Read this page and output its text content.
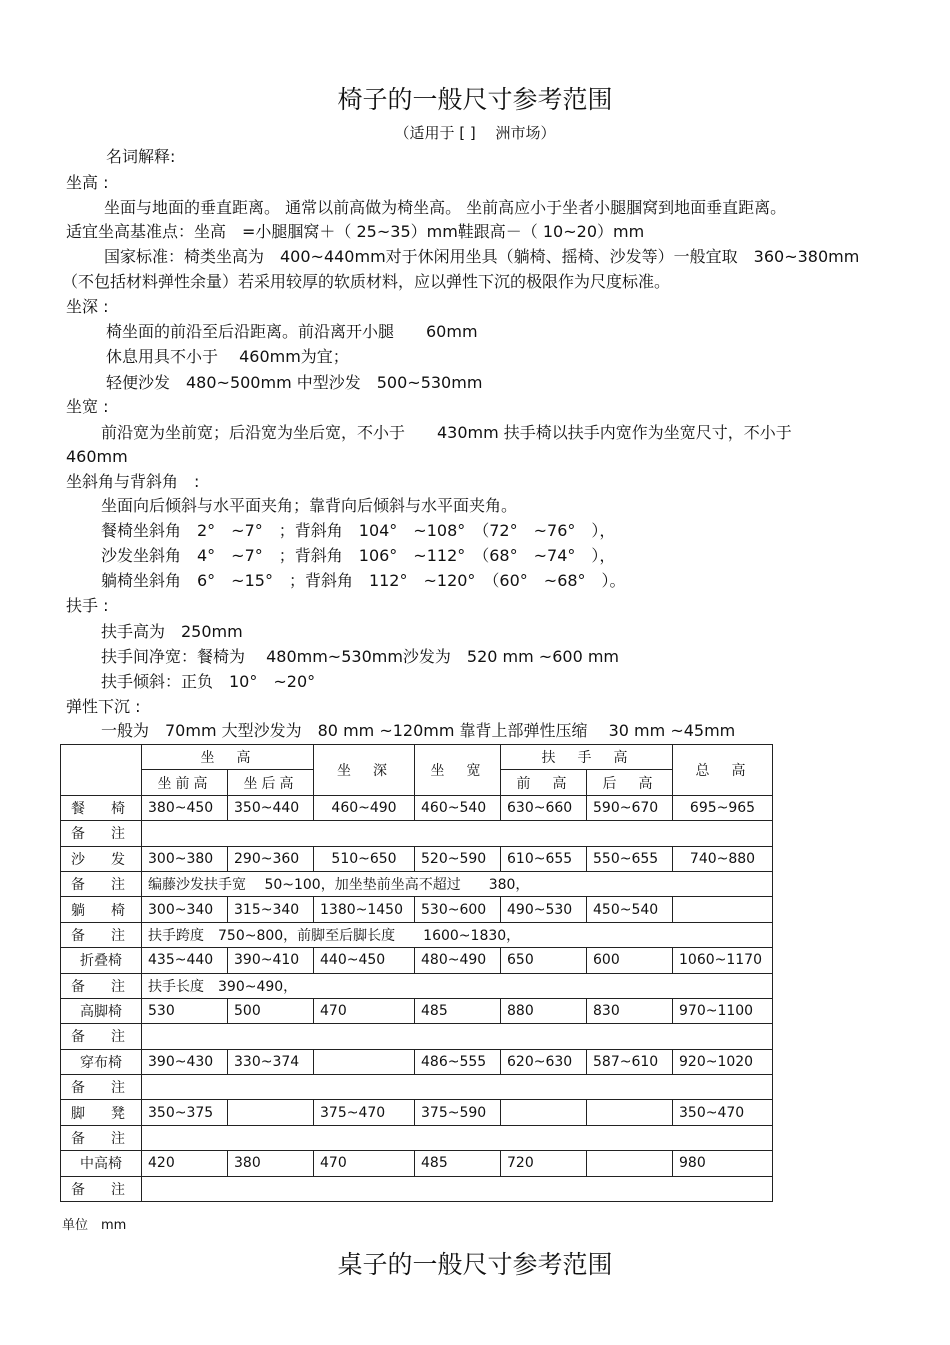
椅子的一般尺寸参考范围
（适用于 [ ]　 洲市场）
名词解释:
坐高 :
坐面与地面的垂直距离。 通常以前高做为椅坐高。 坐前高应小于坐者小腿腘窝到地面垂直距离。
适宜坐高基准点：坐高　=小腿腘窝＋（ 25~35）mm鞋跟高－（ 10~20）mm
国家标准：椅类坐高为　400~440mm对于休闲用坐具（躺椅、摇椅、沙发等）一般宜取　360~380mm
（不包括材料弹性余量）若采用较厚的软质材料，应以弹性下沉的极限作为尺度标准。
坐深 :
椅坐面的前沿至后沿距离。前沿离开小腿　　60mm
休息用具不小于　 460mm为宜；
轻便沙发　480~500mm 中型沙发　500~530mm
坐宽 :
前沿宽为坐前宽；后沿宽为坐后宽，不小于　　430mm 扶手椅以扶手内宽作为坐宽尺寸，不小于
460mm
坐斜角与背斜角　:
坐面向后倾斜与水平面夹角；靠背向后倾斜与水平面夹角。
餐椅坐斜角　2°　~7°　；背斜角　104°　~108°　（72°　~76°　），
沙发坐斜角　4°　~7°　；背斜角　106°　~112°　（68°　~74°　），
躺椅坐斜角　6°　~15°　；背斜角　112°　~120°　（60°　~68°　）。
扶手 :
扶手高为　250mm
扶手间净宽：餐椅为　 480mm~530mm沙发为　520 mm ~600 mm
扶手倾斜：正负　10°　~20°
弹性下沉 :
一般为　70mm 大型沙发为　80 mm ~120mm 靠背上部弹性压缩　 30 mm ~45mm
	坐　高		坐　深	坐　宽	扶　手　高		总　高
	坐前高	坐后高			前　高	后　高	
餐　椅	380~450	350~440	460~490	460~540	630~660	590~670	695~965
备　注							
沙　发	300~380	290~360	510~650	520~590	610~655	550~655	740~880
备　注	编藤沙发扶手宽　 50~100，加坐垫前坐高不超过　　380，						
躺　椅	300~340	315~340	1380~1450	530~600	490~530	450~540	
备　注	扶手跨度　750~800，前脚至后脚长度　　1600~1830，						
折叠椅	435~440	390~410	440~450	480~490	650	600	1060~1170
备　注	扶手长度　390~490，						
高脚椅	530	500	470	485	880	830	970~1100
备　注							
穿布椅	390~430	330~374		486~555	620~630	587~610	920~1020
备　注							
脚　凳	350~375		375~470	375~590			350~470
备　注							
中高椅	420	380	470	485	720		980
备　注							
单位　mm
桌子的一般尺寸参考范围
